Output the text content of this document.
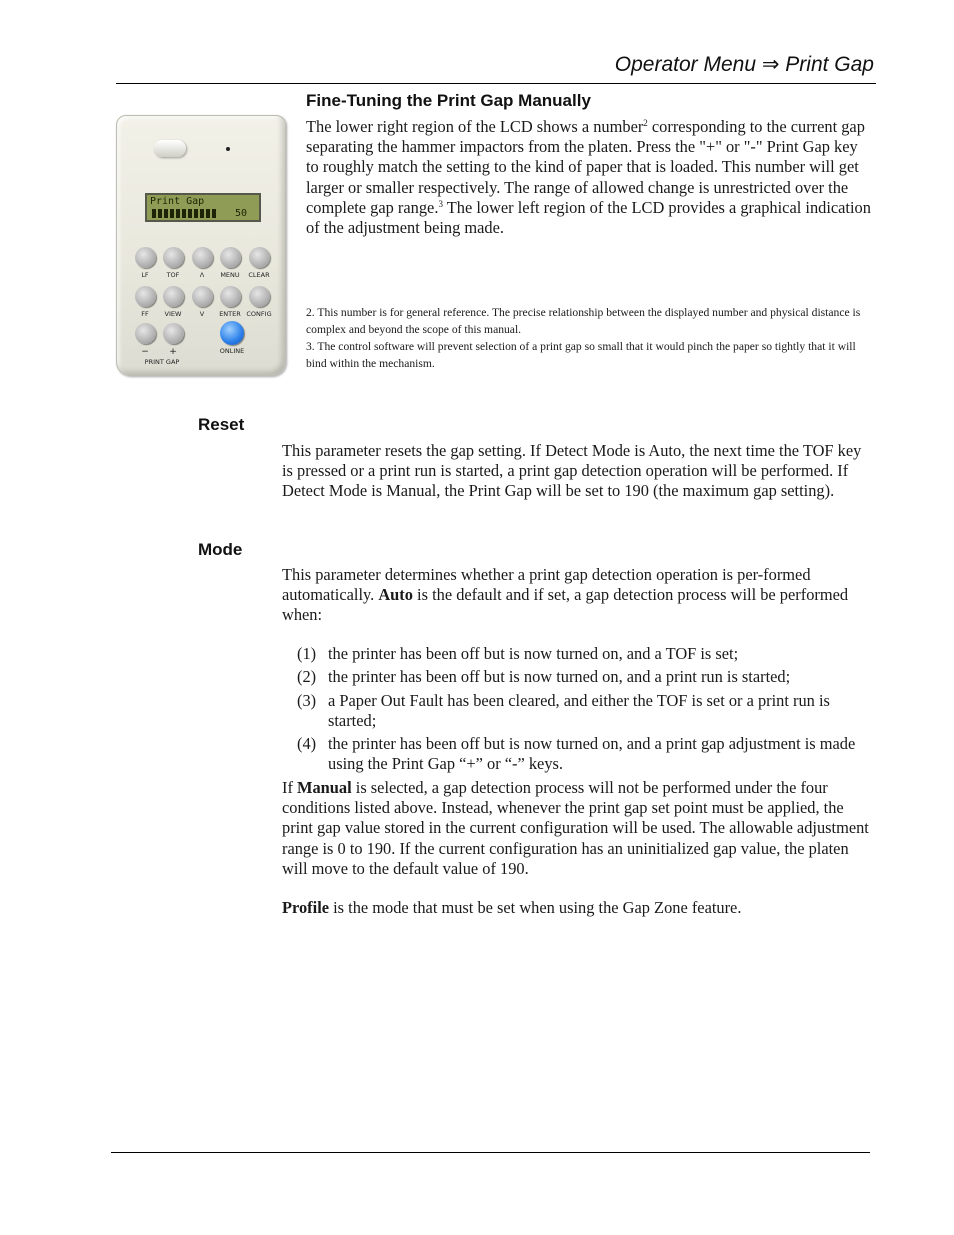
Operator Menu ⇒ Print Gap
Print Gap
50
LF	TOF	Λ	MENU	CLEAR
FF	VIEW	V	ENTER CONFIG
−	+	ONLINE
PRINT GAP
Fine-Tuning the Print Gap Manually
The lower right region of the LCD shows a number$^2$ corresponding to the current gap separating the hammer impactors from the platen. Press the "+" or "-" Print Gap key to roughly match the setting to the kind of paper that is loaded. This number will get larger or smaller respectively. The range of allowed change is unrestricted over the complete gap range.$^3$ The lower left region of the LCD provides a graphical indication of the adjustment being made.
2. This number is for general reference. The precise relationship between the displayed number and physical distance is complex and beyond the scope of this manual.
3. The control software will prevent selection of a print gap so small that it would pinch the paper so tightly that it will bind within the mechanism.
Reset
This parameter resets the gap setting. If Detect Mode is Auto, the next time the TOF key is pressed or a print run is started, a print gap detection operation will be performed. If Detect Mode is Manual, the Print Gap will be set to 190 (the maximum gap setting).
Mode
This parameter determines whether a print gap detection operation is per-formed automatically. Auto is the default and if set, a gap detection process will be performed when:
(1) the printer has been off but is now turned on, and a TOF is set;
(2) the printer has been off but is now turned on, and a print run is started;
(3) a Paper Out Fault has been cleared, and either the TOF is set or a print run is started;
(4) the printer has been off but is now turned on, and a print gap adjustment is made using the Print Gap “+” or “-” keys.
If Manual is selected, a gap detection process will not be performed under the four conditions listed above. Instead, whenever the print gap set point must be applied, the print gap value stored in the current configuration will be used. The allowable adjustment range is 0 to 190. If the current configuration has an uninitialized gap value, the platen will move to the default value of 190.
Profile is the mode that must be set when using the Gap Zone feature.
